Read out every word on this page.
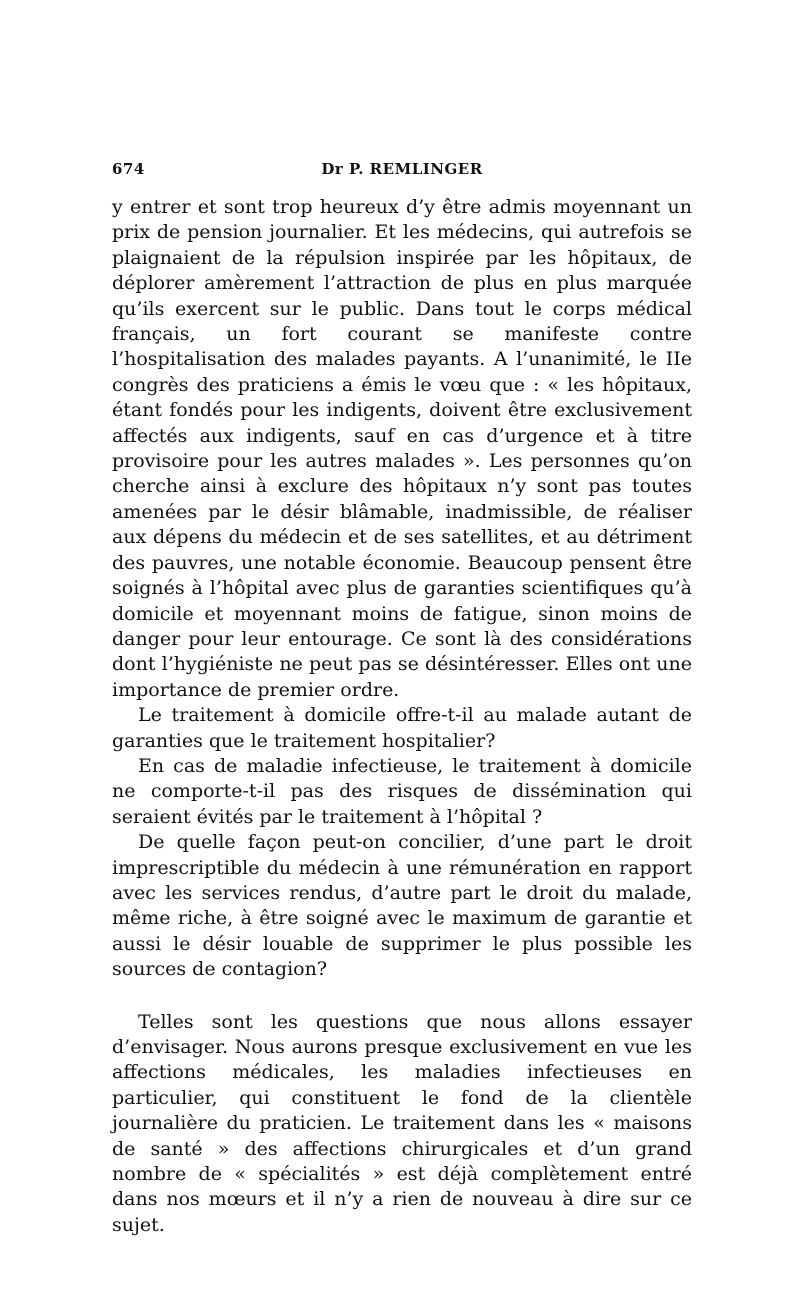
674	Dr P. REMLINGER

y entrer et sont trop heureux d’y être admis moyennant un prix de pension journalier. Et les médecins, qui autrefois se plaignaient de la répulsion inspirée par les hôpitaux, de déplorer amèrement l’attraction de plus en plus marquée qu’ils exercent sur le public. Dans tout le corps médical français, un fort courant se manifeste contre l’hospitalisation des malades payants. A l’unanimité, le IIe congrès des praticiens a émis le vœu que : « les hôpitaux, étant fondés pour les indigents, doivent être exclusivement affectés aux indigents, sauf en cas d’urgence et à titre provisoire pour les autres malades ». Les personnes qu’on cherche ainsi à exclure des hôpitaux n’y sont pas toutes amenées par le désir blâmable, inadmissible, de réaliser aux dépens du médecin et de ses satellites, et au détriment des pauvres, une notable économie. Beaucoup pensent être soignés à l’hôpital avec plus de garanties scientifiques qu’à domicile et moyennant moins de fatigue, sinon moins de danger pour leur entourage. Ce sont là des considérations dont l’hygiéniste ne peut pas se désintéresser. Elles ont une importance de premier ordre.

Le traitement à domicile offre-t-il au malade autant de garanties que le traitement hospitalier?

En cas de maladie infectieuse, le traitement à domicile ne comporte-t-il pas des risques de dissémination qui seraient évités par le traitement à l’hôpital ?

De quelle façon peut-on concilier, d’une part le droit imprescriptible du médecin à une rémunération en rapport avec les services rendus, d’autre part le droit du malade, même riche, à être soigné avec le maximum de garantie et aussi le désir louable de supprimer le plus possible les sources de contagion?

Telles sont les questions que nous allons essayer d’envisager. Nous aurons presque exclusivement en vue les affections médicales, les maladies infectieuses en particulier, qui constituent le fond de la clientèle journalière du praticien. Le traitement dans les « maisons de santé » des affections chirurgicales et d’un grand nombre de « spécialités » est déjà complètement entré dans nos mœurs et il n’y a rien de nouveau à dire sur ce sujet.
